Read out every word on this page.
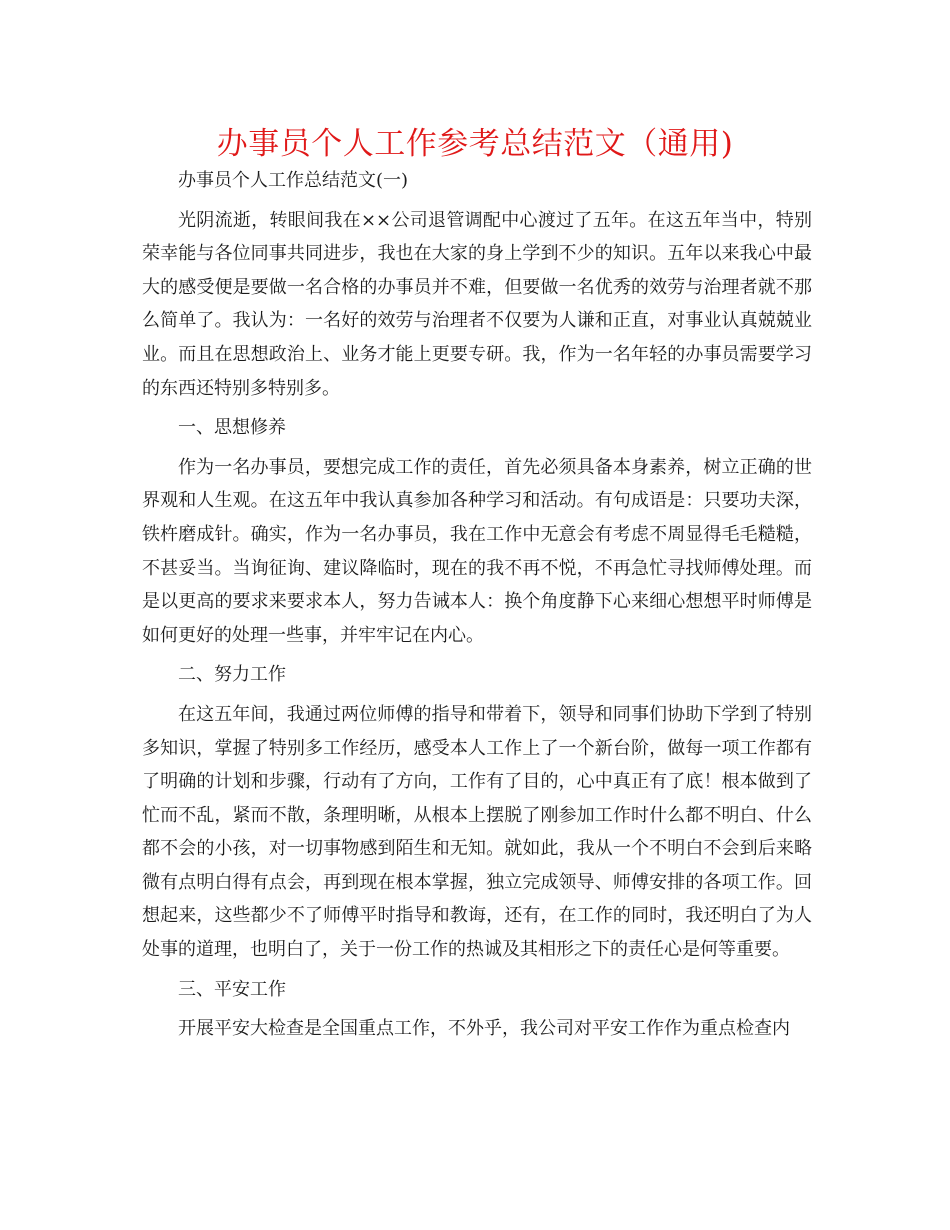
办事员个人工作参考总结范文（通用)

办事员个人工作总结范文(一)

光阴流逝，转眼间我在××公司退管调配中心渡过了五年。在这五年当中，特别荣幸能与各位同事共同进步，我也在大家的身上学到不少的知识。五年以来我心中最大的感受便是要做一名合格的办事员并不难，但要做一名优秀的效劳与治理者就不那么简单了。我认为：一名好的效劳与治理者不仅要为人谦和正直，对事业认真兢兢业业。而且在思想政治上、业务才能上更要专研。我，作为一名年轻的办事员需要学习的东西还特别多特别多。

一、思想修养

作为一名办事员，要想完成工作的责任，首先必须具备本身素养，树立正确的世界观和人生观。在这五年中我认真参加各种学习和活动。有句成语是：只要功夫深，铁杵磨成针。确实，作为一名办事员，我在工作中无意会有考虑不周显得毛毛糙糙，不甚妥当。当询征询、建议降临时，现在的我不再不悦，不再急忙寻找师傅处理。而是以更高的要求来要求本人，努力告诫本人：换个角度静下心来细心想想平时师傅是如何更好的处理一些事，并牢牢记在内心。

二、努力工作

在这五年间，我通过两位师傅的指导和带着下，领导和同事们协助下学到了特别多知识，掌握了特别多工作经历，感受本人工作上了一个新台阶，做每一项工作都有了明确的计划和步骤，行动有了方向，工作有了目的，心中真正有了底！根本做到了忙而不乱，紧而不散，条理明晰，从根本上摆脱了刚参加工作时什么都不明白、什么都不会的小孩，对一切事物感到陌生和无知。就如此，我从一个不明白不会到后来略微有点明白得有点会，再到现在根本掌握，独立完成领导、师傅安排的各项工作。回想起来，这些都少不了师傅平时指导和教诲，还有，在工作的同时，我还明白了为人处事的道理，也明白了，关于一份工作的热诚及其相形之下的责任心是何等重要。

三、平安工作

开展平安大检查是全国重点工作，不外乎，我公司对平安工作作为重点检查内
